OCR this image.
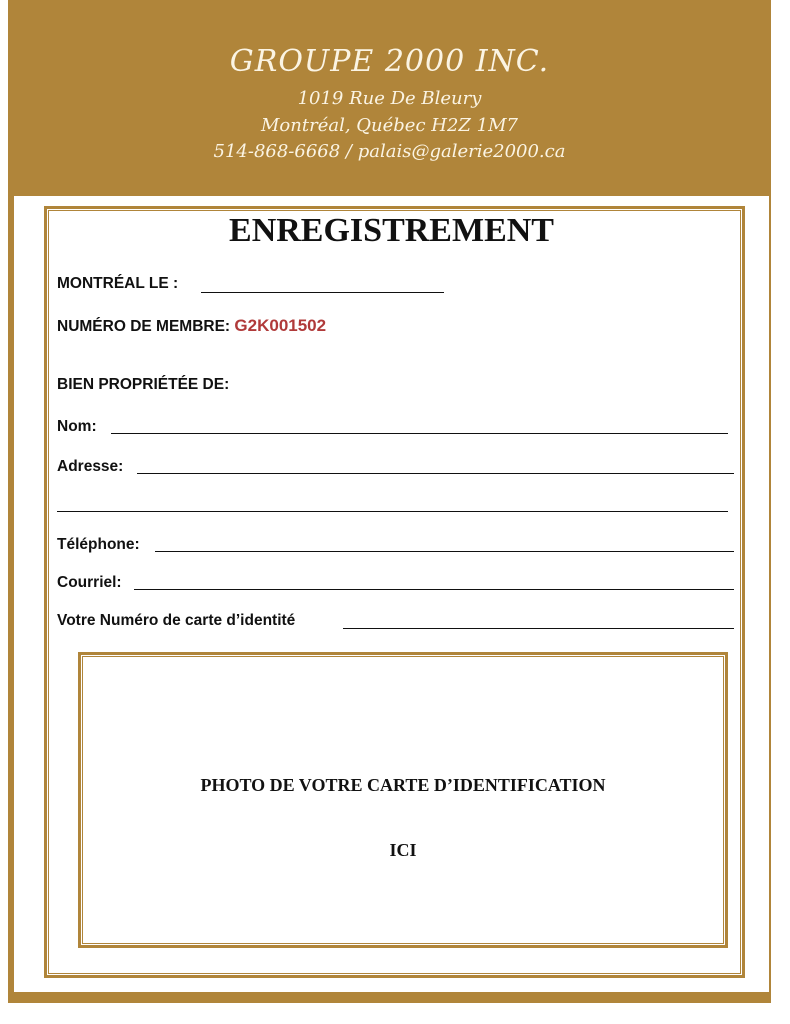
GROUPE 2000 INC.
1019 Rue De Bleury
Montréal, Québec H2Z 1M7
514-868-6668 / palais@galerie2000.ca
ENREGISTREMENT
MONTRÉAL LE :
NUMÉRO DE MEMBRE: G2K001502
BIEN PROPRIÉTÉE DE:
Nom:
Adresse:
Téléphone:
Courriel:
Votre Numéro de carte d’identité
PHOTO DE VOTRE CARTE D’IDENTIFICATION
ICI
